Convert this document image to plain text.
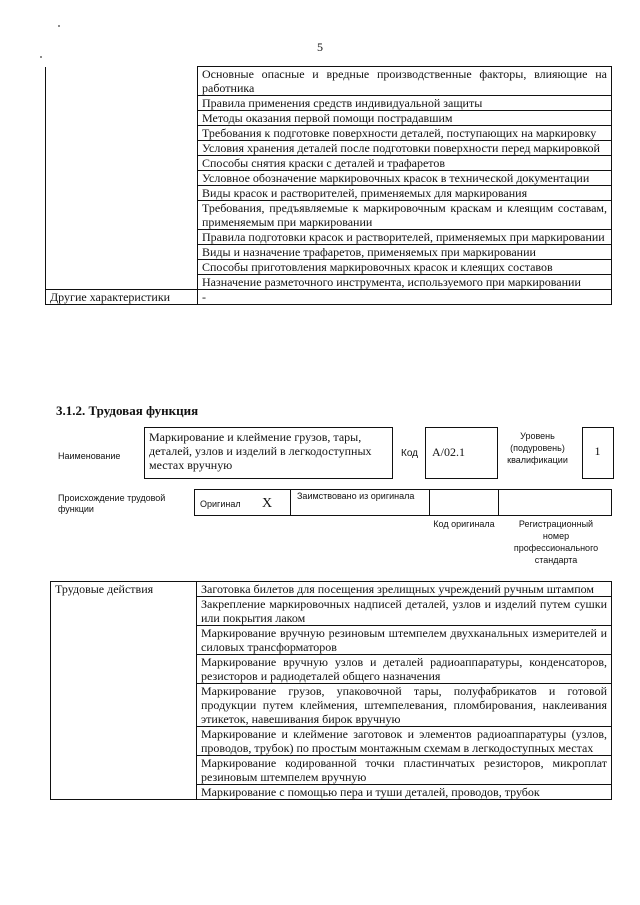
5
	Основные опасные и вредные производственные факторы, влияющие на работника
	Правила применения средств индивидуальной защиты
	Методы оказания первой помощи пострадавшим
	Требования к подготовке поверхности деталей, поступающих на маркировку
	Условия хранения деталей после подготовки поверхности перед маркировкой
	Способы снятия краски с деталей и трафаретов
	Условное обозначение маркировочных красок в технической документации
	Виды красок и растворителей, применяемых для маркирования
	Требования, предъявляемые к маркировочным краскам и клеящим составам, применяемым при маркировании
	Правила подготовки красок и растворителей, применяемых при маркировании
	Виды и назначение трафаретов, применяемых при маркировании
	Способы приготовления маркировочных красок и клеящих составов
	Назначение разметочного инструмента, используемого при маркировании
Другие характеристики	-
3.1.2. Трудовая функция
Наименование
Маркирование и клеймение грузов, тары, деталей, узлов и изделий в легкодоступных местах вручную
Код А/02.1
Уровень (подуровень) квалификации
1
Происхождение трудовой функции	Оригинал X	Заимствовано из оригинала
Код оригинала	Регистрационный номер профессионального стандарта
Трудовые действия	Заготовка билетов для посещения зрелищных учреждений ручным штампом
Закрепление маркировочных надписей деталей, узлов и изделий путем сушки или покрытия лаком
Маркирование вручную резиновым штемпелем двухканальных измерителей и силовых трансформаторов
Маркирование вручную узлов и деталей радиоаппаратуры, конденсаторов, резисторов и радиодеталей общего назначения
Маркирование грузов, упаковочной тары, полуфабрикатов и готовой продукции путем клеймения, штемпелевания, пломбирования, наклеивания этикеток, навешивания бирок вручную
Маркирование и клеймение заготовок и элементов радиоаппаратуры (узлов, проводов, трубок) по простым монтажным схемам в легкодоступных местах
Маркирование кодированной точки пластинчатых резисторов, микроплат резиновым штемпелем вручную
Маркирование с помощью пера и туши деталей, проводов, трубок
